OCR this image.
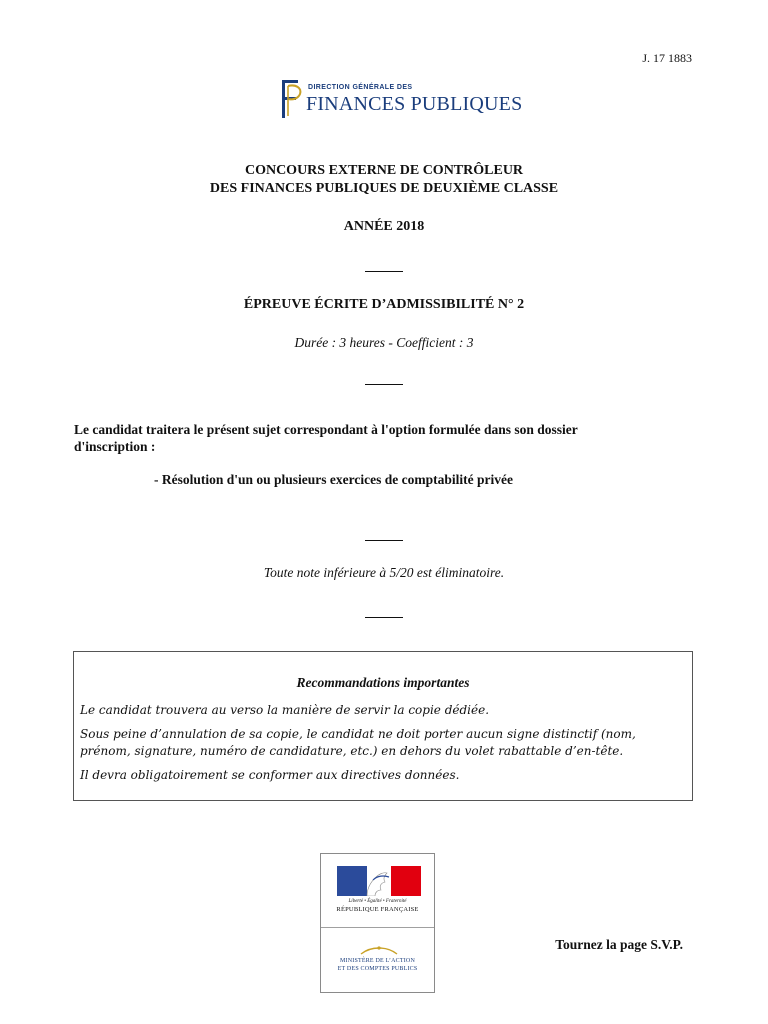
J. 17 1883
DIRECTION GÉNÉRALE DES
FINANCES PUBLIQUES
CONCOURS EXTERNE DE CONTRÔLEUR
DES FINANCES PUBLIQUES DE DEUXIÈME CLASSE
ANNÉE 2018
ÉPREUVE ÉCRITE D’ADMISSIBILITÉ N° 2
Durée : 3 heures - Coefficient : 3
Le candidat traitera le présent sujet correspondant à l'option formulée dans son dossier
d'inscription :
- Résolution d'un ou plusieurs exercices de comptabilité privée
Toute note inférieure à 5/20 est éliminatoire.
Recommandations importantes
Le candidat trouvera au verso la manière de servir la copie dédiée.
Sous peine d’annulation de sa copie, le candidat ne doit porter aucun signe distinctif (nom,
prénom, signature, numéro de candidature, etc.) en dehors du volet rabattable d’en-tête.
Il devra obligatoirement se conformer aux directives données.
Liberté • Égalité • Fraternité
RÉPUBLIQUE FRANÇAISE
MINISTÈRE DE L’ACTION
ET DES COMPTES PUBLICS
Tournez la page S.V.P.
